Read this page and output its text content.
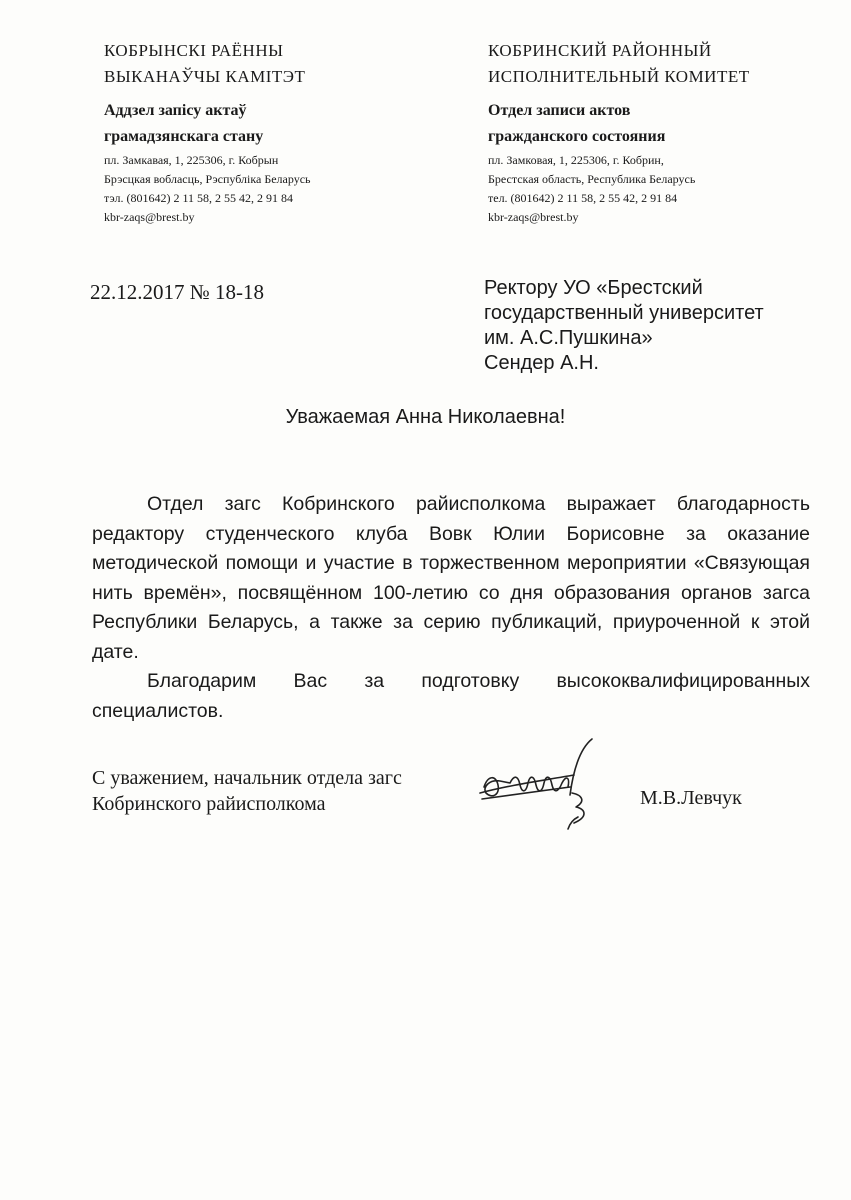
КОБРЫНСКІ РАЁННЫ
ВЫКАНАЎЧЫ КАМІТЭТ
Аддзел запісу актаў
грамадзянскага стану
пл. Замкавая, 1, 225306, г. Кобрын
Брэсцкая вобласць, Рэспубліка Беларусь
тэл. (801642) 2 11 58, 2 55 42, 2 91 84
kbr-zaqs@brest.by
КОБРИНСКИЙ РАЙОННЫЙ
ИСПОЛНИТЕЛЬНЫЙ КОМИТЕТ
Отдел записи актов
гражданского состояния
пл. Замковая, 1, 225306, г. Кобрин,
Брестская область, Республика Беларусь
тел. (801642) 2 11 58, 2 55 42, 2 91 84
kbr-zaqs@brest.by
22.12.2017 № 18-18	Ректору УО «Брестский
государственный университет
им. А.С.Пушкина»
Сендер А.Н.
Уважаемая Анна Николаевна!

Отдел загс Кобринского райисполкома выражает благодарность редактору студенческого клуба Вовк Юлии Борисовне за оказание методической помощи и участие в торжественном мероприятии «Связующая нить времён», посвящённом 100-летию со дня образования органов загса Республики Беларусь, а также за серию публикаций, приуроченной к этой дате.

Благодарим Вас за подготовку высококвалифицированных специалистов.

С уважением, начальник отдела загс
Кобринского райисполкома	М.В.Левчук
